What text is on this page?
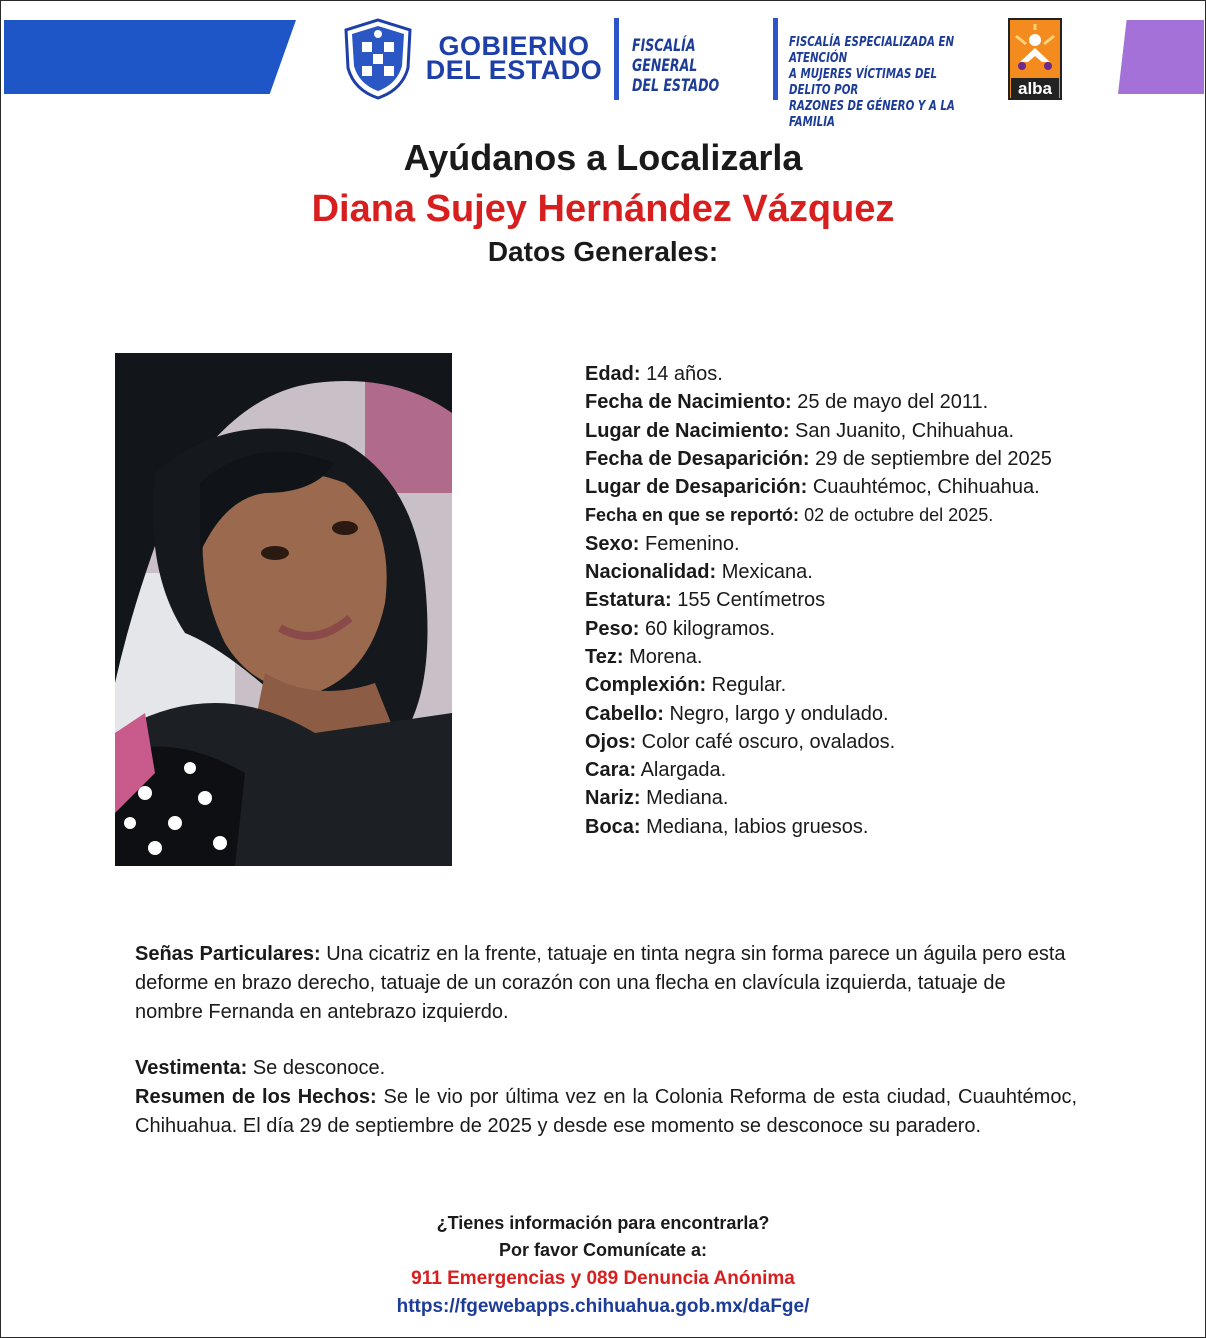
GOBIERNO
DEL ESTADO
FISCALÍA GENERAL
DEL ESTADO
FISCALÍA ESPECIALIZADA EN ATENCIÓN
A MUJERES VÍCTIMAS DEL DELITO POR
RAZONES DE GÉNERO Y A LA FAMILIA
alba
Ayúdanos a Localizarla
Diana Sujey Hernández Vázquez
Datos Generales:
Edad: 14 años.
Fecha de Nacimiento: 25 de mayo del 2011.
Lugar de Nacimiento: San Juanito, Chihuahua.
Fecha de Desaparición: 29 de septiembre del 2025
Lugar de Desaparición: Cuauhtémoc, Chihuahua.
Fecha en que se reportó: 02 de octubre del 2025.
Sexo: Femenino.
Nacionalidad: Mexicana.
Estatura: 155 Centímetros
Peso: 60 kilogramos.
Tez: Morena.
Complexión: Regular.
Cabello: Negro, largo y ondulado.
Ojos: Color café oscuro, ovalados.
Cara: Alargada.
Nariz: Mediana.
Boca: Mediana, labios gruesos.
Señas Particulares: Una cicatriz en la frente, tatuaje en tinta negra sin forma parece un águila pero esta deforme en brazo derecho, tatuaje de un corazón con una flecha en clavícula izquierda, tatuaje de nombre Fernanda en antebrazo izquierdo.
Vestimenta: Se desconoce.
Resumen de los Hechos: Se le vio por última vez en la Colonia Reforma de esta ciudad, Cuauhtémoc, Chihuahua. El día 29 de septiembre de 2025 y desde ese momento se desconoce su paradero.
¿Tienes información para encontrarla?
Por favor Comunícate a:
911 Emergencias y 089 Denuncia Anónima
https://fgewebapps.chihuahua.gob.mx/daFge/
